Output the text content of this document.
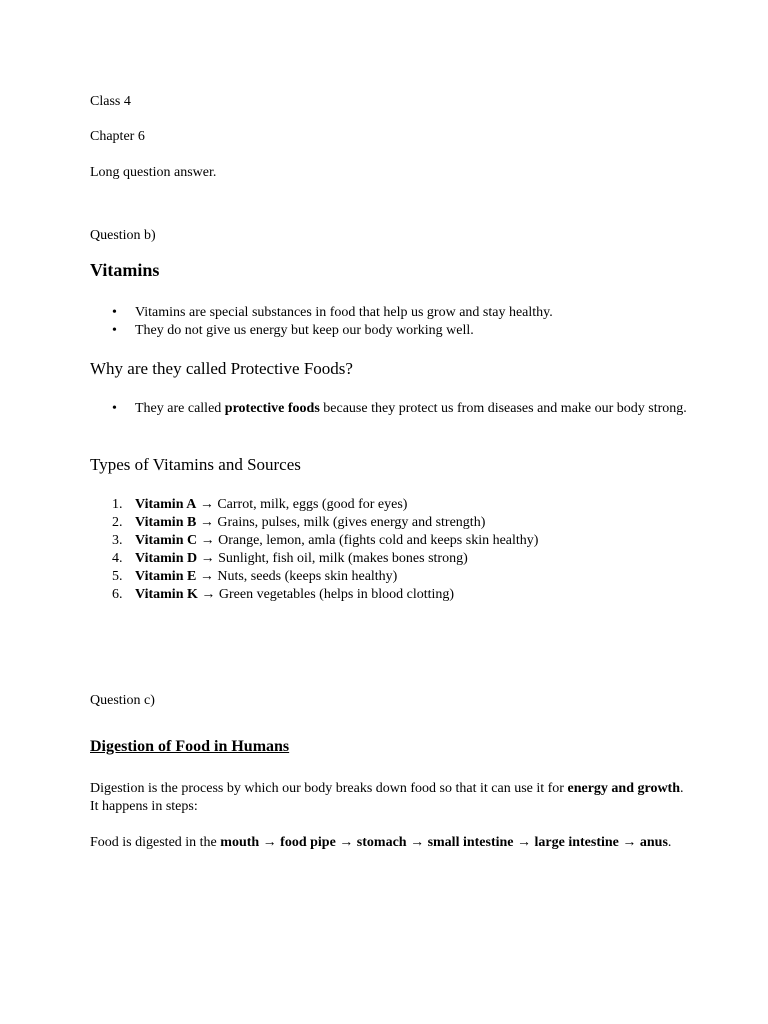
Class 4

Chapter 6

Long question answer.

Question b)

Vitamins
• Vitamins are special substances in food that help us grow and stay healthy.
• They do not give us energy but keep our body working well.
Why are they called Protective Foods?
• They are called protective foods because they protect us from diseases and make our body strong.
Types of Vitamins and Sources
1. Vitamin A → Carrot, milk, eggs (good for eyes)
2. Vitamin B → Grains, pulses, milk (gives energy and strength)
3. Vitamin C → Orange, lemon, amla (fights cold and keeps skin healthy)
4. Vitamin D → Sunlight, fish oil, milk (makes bones strong)
5. Vitamin E → Nuts, seeds (keeps skin healthy)
6. Vitamin K → Green vegetables (helps in blood clotting)

Question c)

Digestion of Food in Humans

Digestion is the process by which our body breaks down food so that it can use it for energy and growth. It happens in steps:

Food is digested in the mouth → food pipe → stomach → small intestine → large intestine → anus.
